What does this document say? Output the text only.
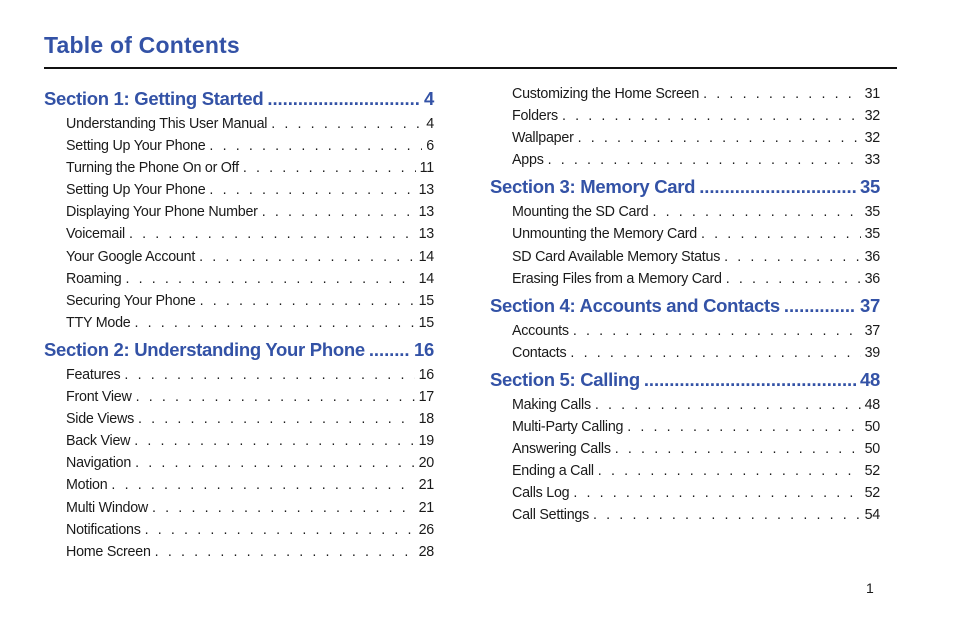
Table of Contents
Section 1: Getting Started . . .	4
Understanding This User Manual . . .	4
Setting Up Your Phone . . .	6
Turning the Phone On or Off . . .	11
Setting Up Your Phone . . .	13
Displaying Your Phone Number . . .	13
Voicemail . . .	13
Your Google Account . . .	14
Roaming . . .	14
Securing Your Phone . . .	15
TTY Mode . . .	15
Section 2: Understanding Your Phone . . .	16
Features . . .	16
Front View . . .	17
Side Views . . .	18
Back View . . .	19
Navigation . . .	20
Motion . . .	21
Multi Window . . .	21
Notifications . . .	26
Home Screen . . .	28
Customizing the Home Screen . . .	31
Folders . . .	32
Wallpaper . . .	32
Apps . . .	33
Section 3: Memory Card . . .	35
Mounting the SD Card . . .	35
Unmounting the Memory Card . . .	35
SD Card Available Memory Status . . .	36
Erasing Files from a Memory Card . . .	36
Section 4: Accounts and Contacts . . .	37
Accounts . . .	37
Contacts . . .	39
Section 5: Calling . . .	48
Making Calls . . .	48
Multi-Party Calling . . .	50
Answering Calls . . .	50
Ending a Call . . .	52
Calls Log . . .	52
Call Settings . . .	54
1
